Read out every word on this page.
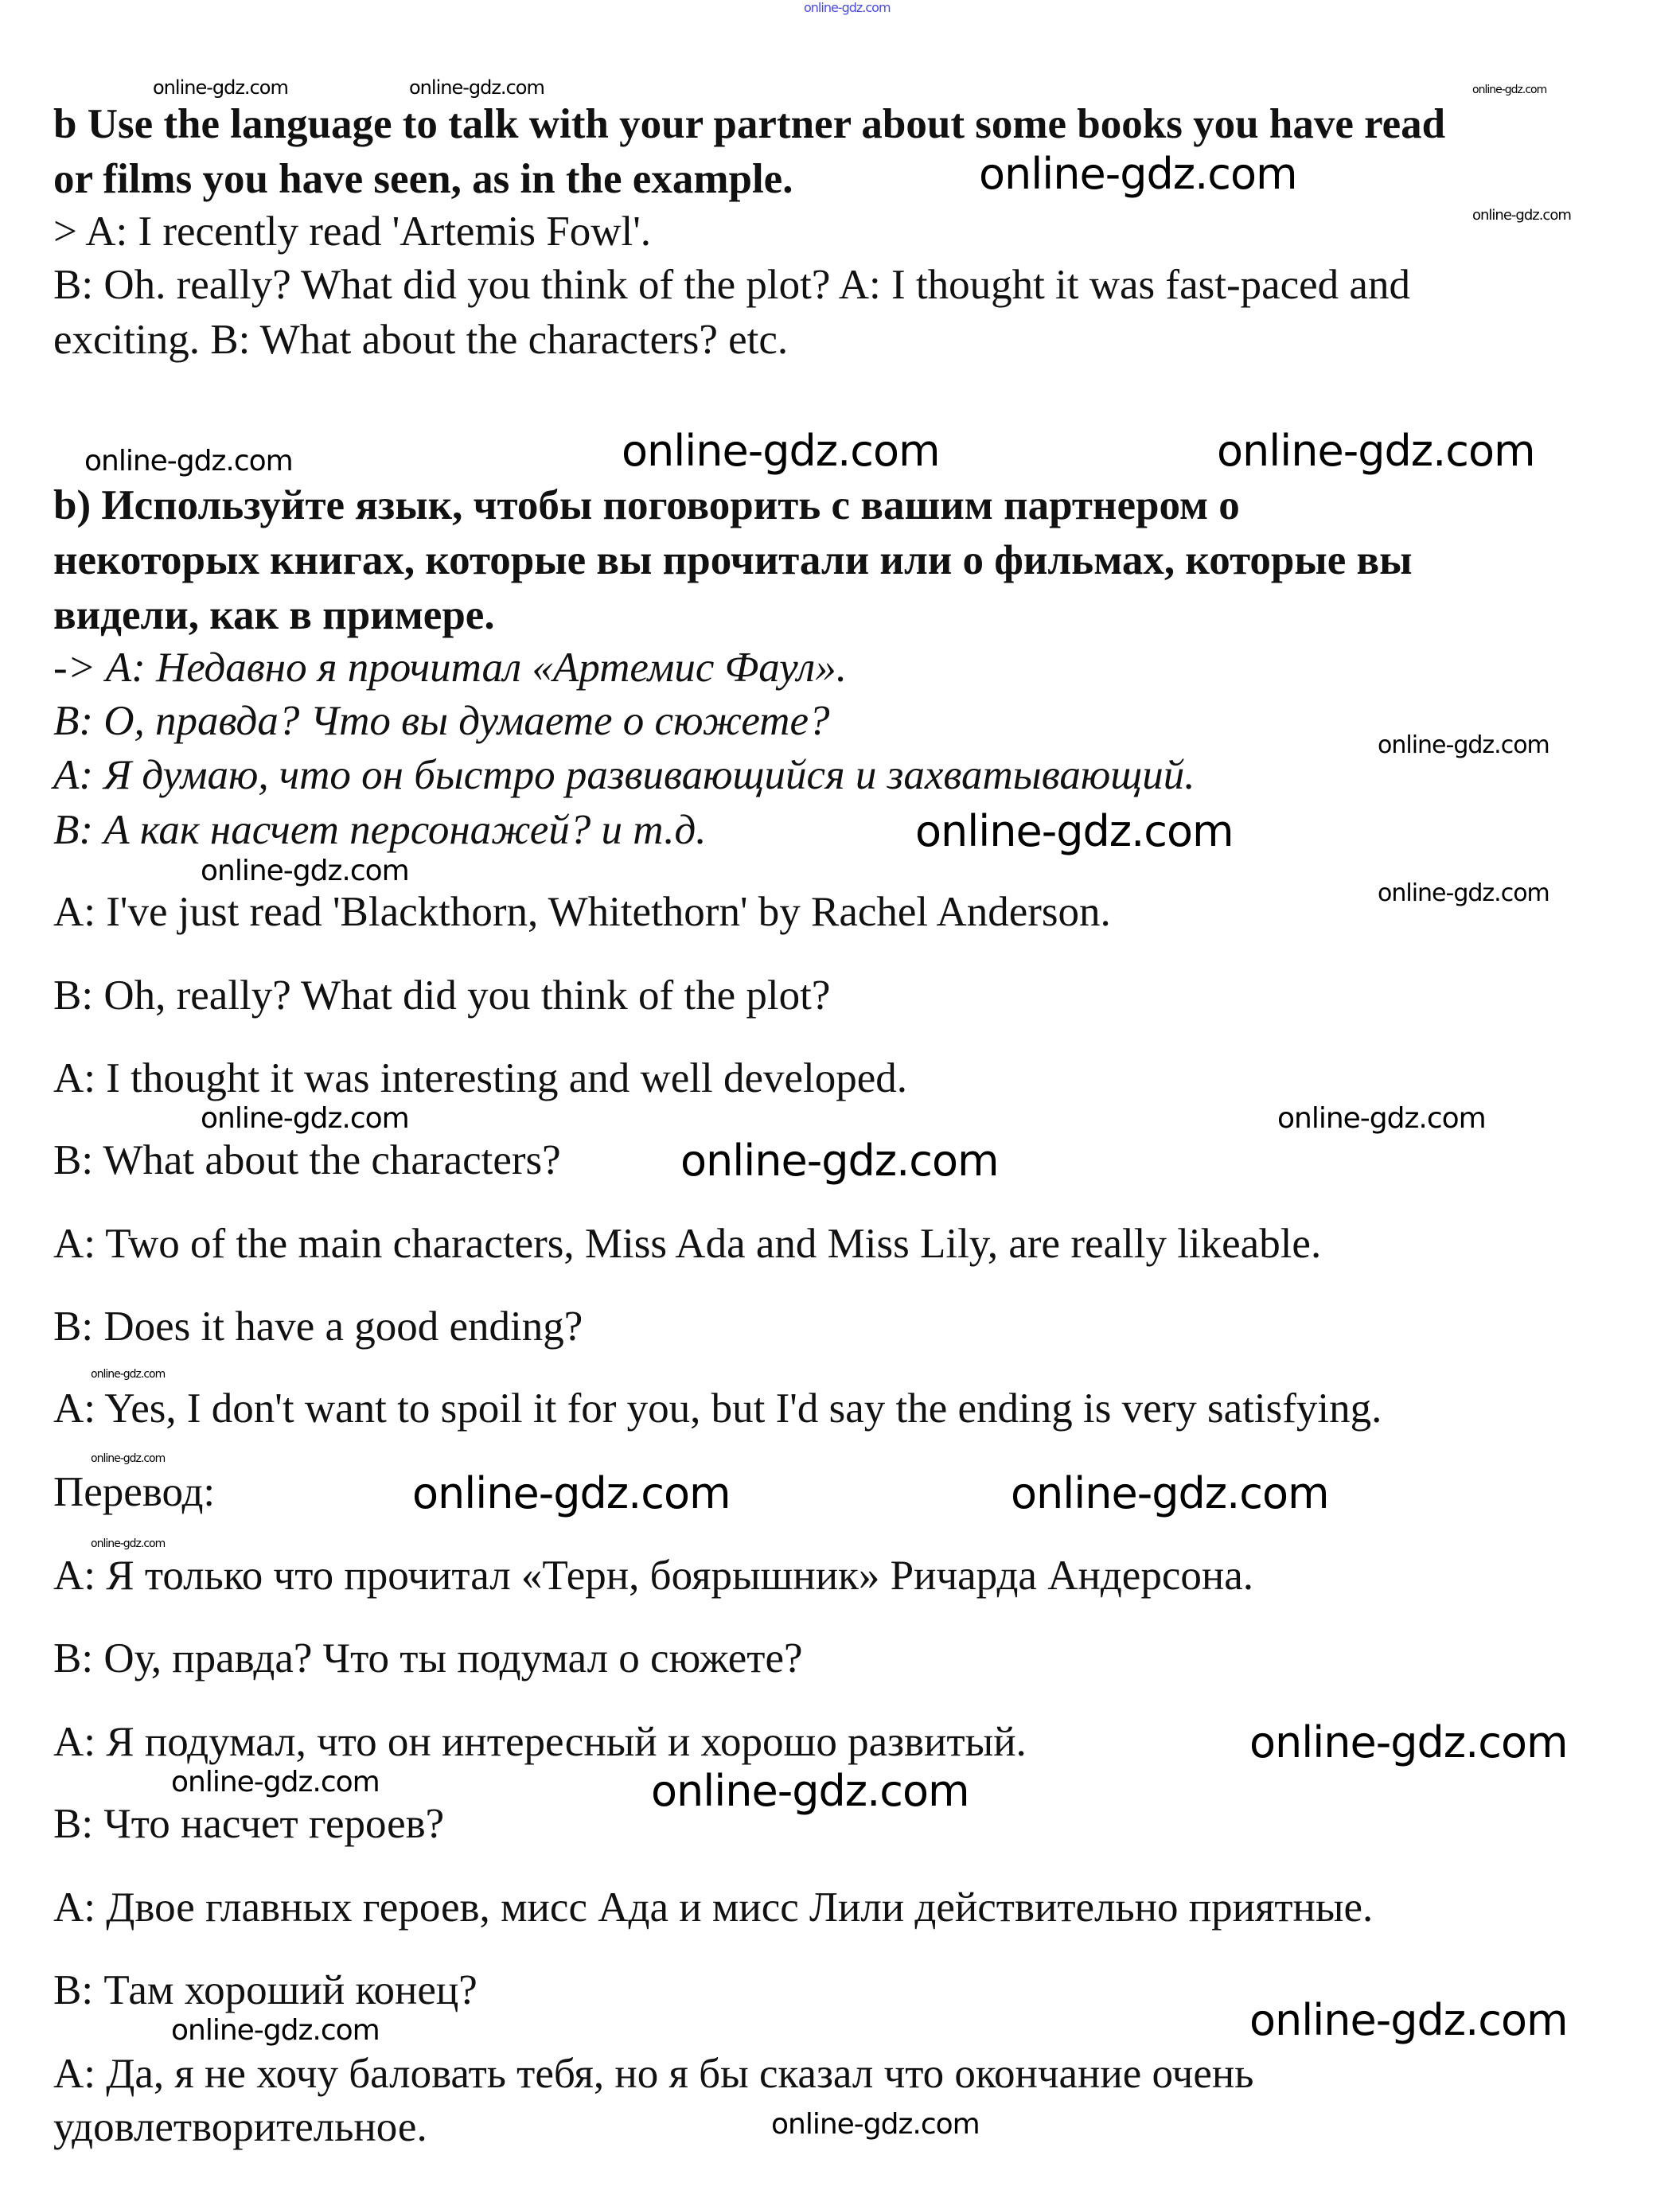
online-gdz.com
b Use the language to talk with your partner about some books you have read
or films you have seen, as in the example.
> A: I recently read 'Artemis Fowl'.
B: Oh. really? What did you think of the plot? A: I thought it was fast-paced and
exciting. B: What about the characters? etc.
b) Используйте язык, чтобы поговорить с вашим партнером о
некоторых книгах, которые вы прочитали или о фильмах, которые вы
видели, как в примере.
-> A: Недавно я прочитал «Артемис Фаул».
B: О, правда? Что вы думаете о сюжете?
A: Я думаю, что он быстро развивающийся и захватывающий.
B: А как насчет персонажей? и т.д.
A: I've just read 'Blackthorn, Whitethorn' by Rachel Anderson.
B: Oh, really? What did you think of the plot?
A: I thought it was interesting and well developed.
B: What about the characters?
A: Two of the main characters, Miss Ada and Miss Lily, are really likeable.
B: Does it have a good ending?
A: Yes, I don't want to spoil it for you, but I'd say the ending is very satisfying.
Перевод:
A: Я только что прочитал «Терн, боярышник» Ричарда Андерсона.
B: Оу, правда? Что ты подумал о сюжете?
A: Я подумал, что он интересный и хорошо развитый.
B: Что насчет героев?
A: Двое главных героев, мисс Ада и мисс Лили действительно приятные.
B: Там хороший конец?
A: Да, я не хочу баловать тебя, но я бы сказал что окончание очень
удовлетворительное.
online-gdz.com
online-gdz.com	online-gdz.com
online-gdz.com
online-gdz.com
online-gdz.com	online-gdz.com
online-gdz.com
online-gdz.com
online-gdz.com
online-gdz.com
online-gdz.com
online-gdz.com	online-gdz.com
online-gdz.com
online-gdz.com
online-gdz.com
online-gdz.com
online-gdz.com
online-gdz.com	online-gdz.com
online-gdz.com
online-gdz.com
online-gdz.com
online-gdz.com
online-gdz.com
